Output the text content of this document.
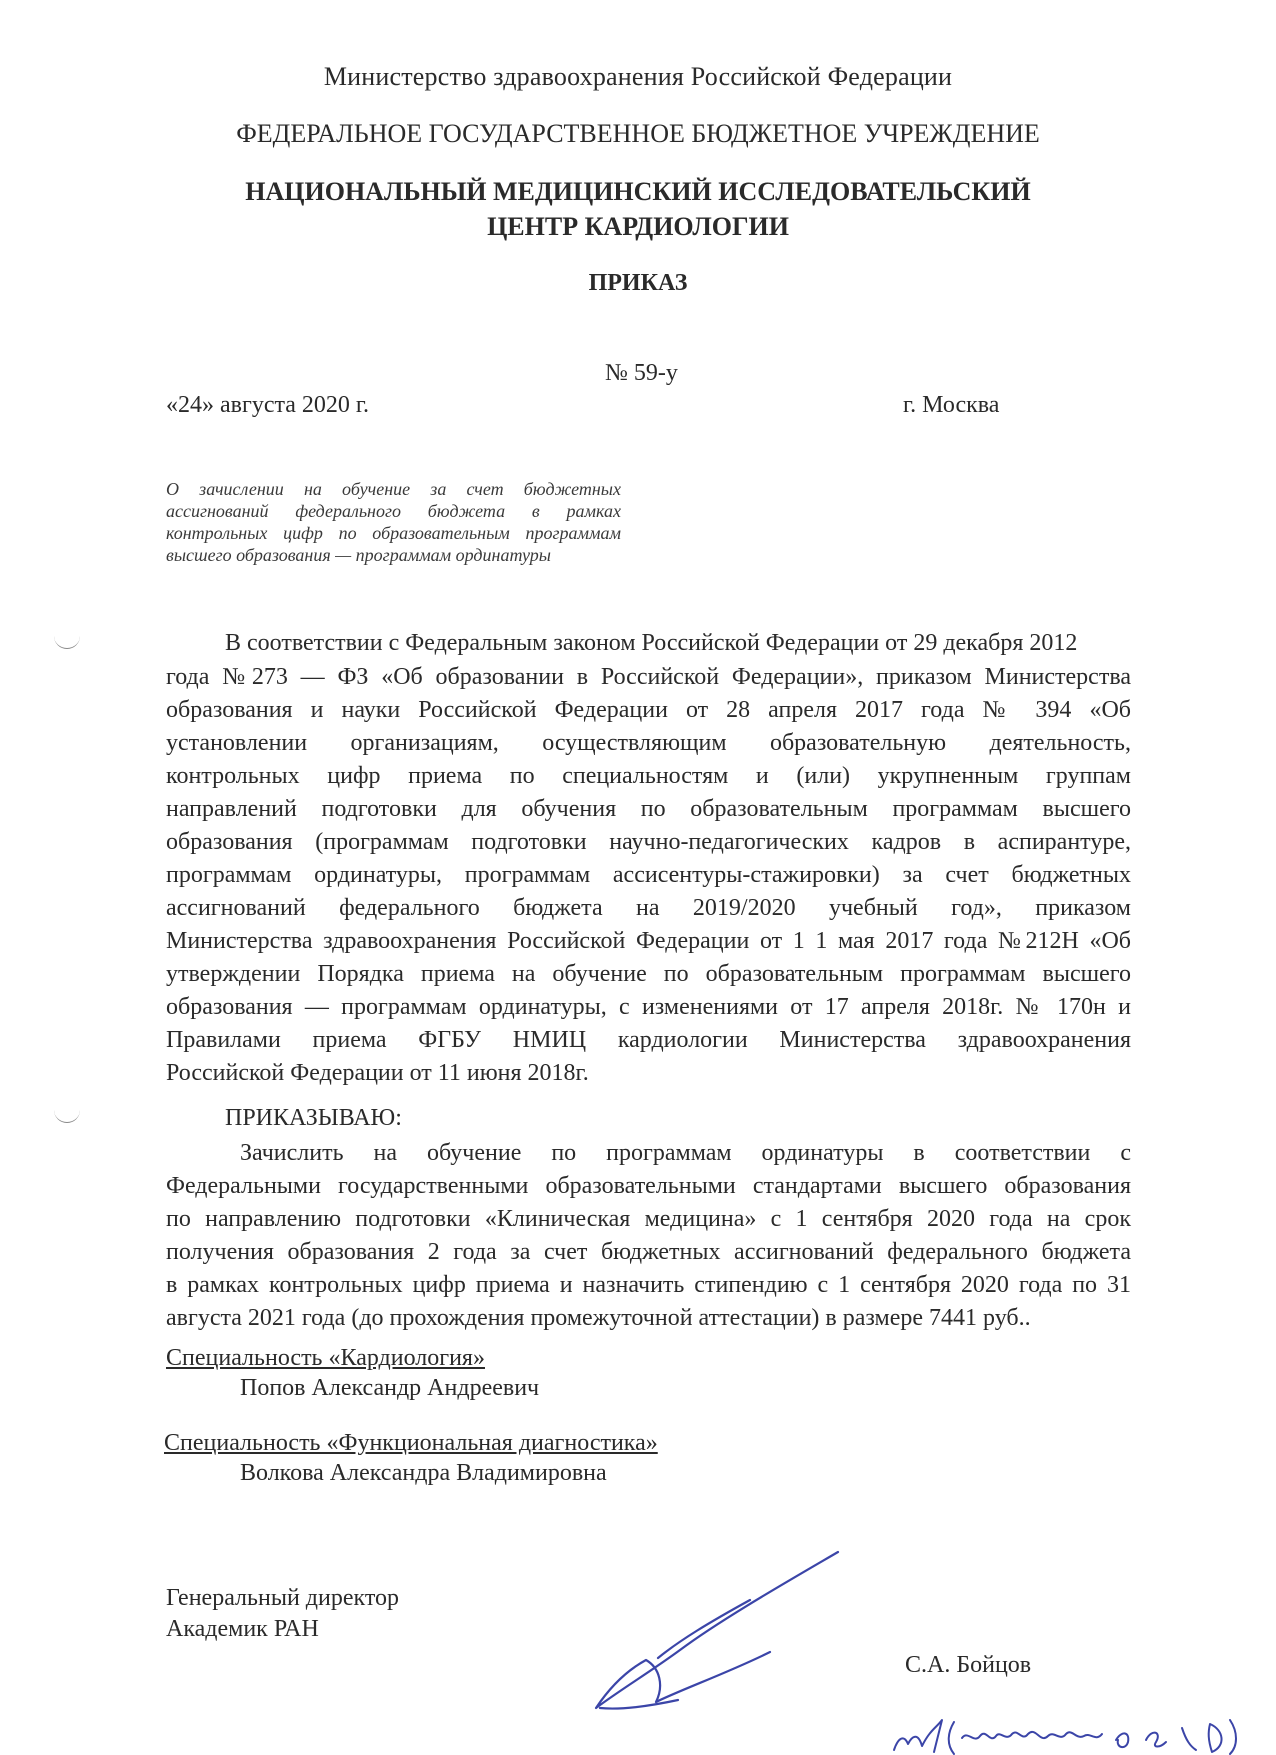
Министерство здравоохранения Российской Федерации

ФЕДЕРАЛЬНОЕ ГОСУДАРСТВЕННОЕ БЮДЖЕТНОЕ УЧРЕЖДЕНИЕ

НАЦИОНАЛЬНЫЙ МЕДИЦИНСКИЙ ИССЛЕДОВАТЕЛЬСКИЙ

ЦЕНТР КАРДИОЛОГИИ

ПРИКАЗ

№ 59-у

«24» августа 2020 г.	г. Москва

О зачислении на обучение за счет бюджетных ассигнований федерального бюджета в рамках контрольных цифр по образовательным программам высшего образования — программам ординатуры

В соответствии с Федеральным законом Российской Федерации от 29 декабря 2012

года №273 — ФЗ «Об образовании в Российской Федерации», приказом Министерства

образования и науки Российской Федерации от 28 апреля 2017 года № 394 «Об

установлении организациям, осуществляющим образовательную деятельность,

контрольных цифр приема по специальностям и (или) укрупненным группам

направлений подготовки для обучения по образовательным программам высшего

образования (программам подготовки научно-педагогических кадров в аспирантуре,

программам ординатуры, программам ассисентуры-стажировки) за счет бюджетных

ассигнований федерального бюджета на 2019/2020 учебный год», приказом

Министерства здравоохранения Российской Федерации от 1 1 мая 2017 года №212Н «Об

утверждении Порядка приема на обучение по образовательным программам высшего

образования — программам ординатуры, с изменениями от 17 апреля 2018г. № 170н и

Правилами приема ФГБУ НМИЦ кардиологии Министерства здравоохранения

Российской Федерации от 11 июня 2018г.

ПРИКАЗЫВАЮ:

Зачислить на обучение по программам ординатуры в соответствии с

Федеральными государственными образовательными стандартами высшего образования

по направлению подготовки «Клиническая медицина» с 1 сентября 2020 года на срок

получения образования 2 года за счет бюджетных ассигнований федерального бюджета

в рамках контрольных цифр приема и назначить стипендию с 1 сентября 2020 года по 31

августа 2021 года (до прохождения промежуточной аттестации) в размере 7441 руб..

Специальность «Кардиология»

Попов Александр Андреевич

Специальность «Функциональная диагностика»

Волкова Александра Владимировна

Генеральный директор

Академик РАН

С.А. Бойцов
